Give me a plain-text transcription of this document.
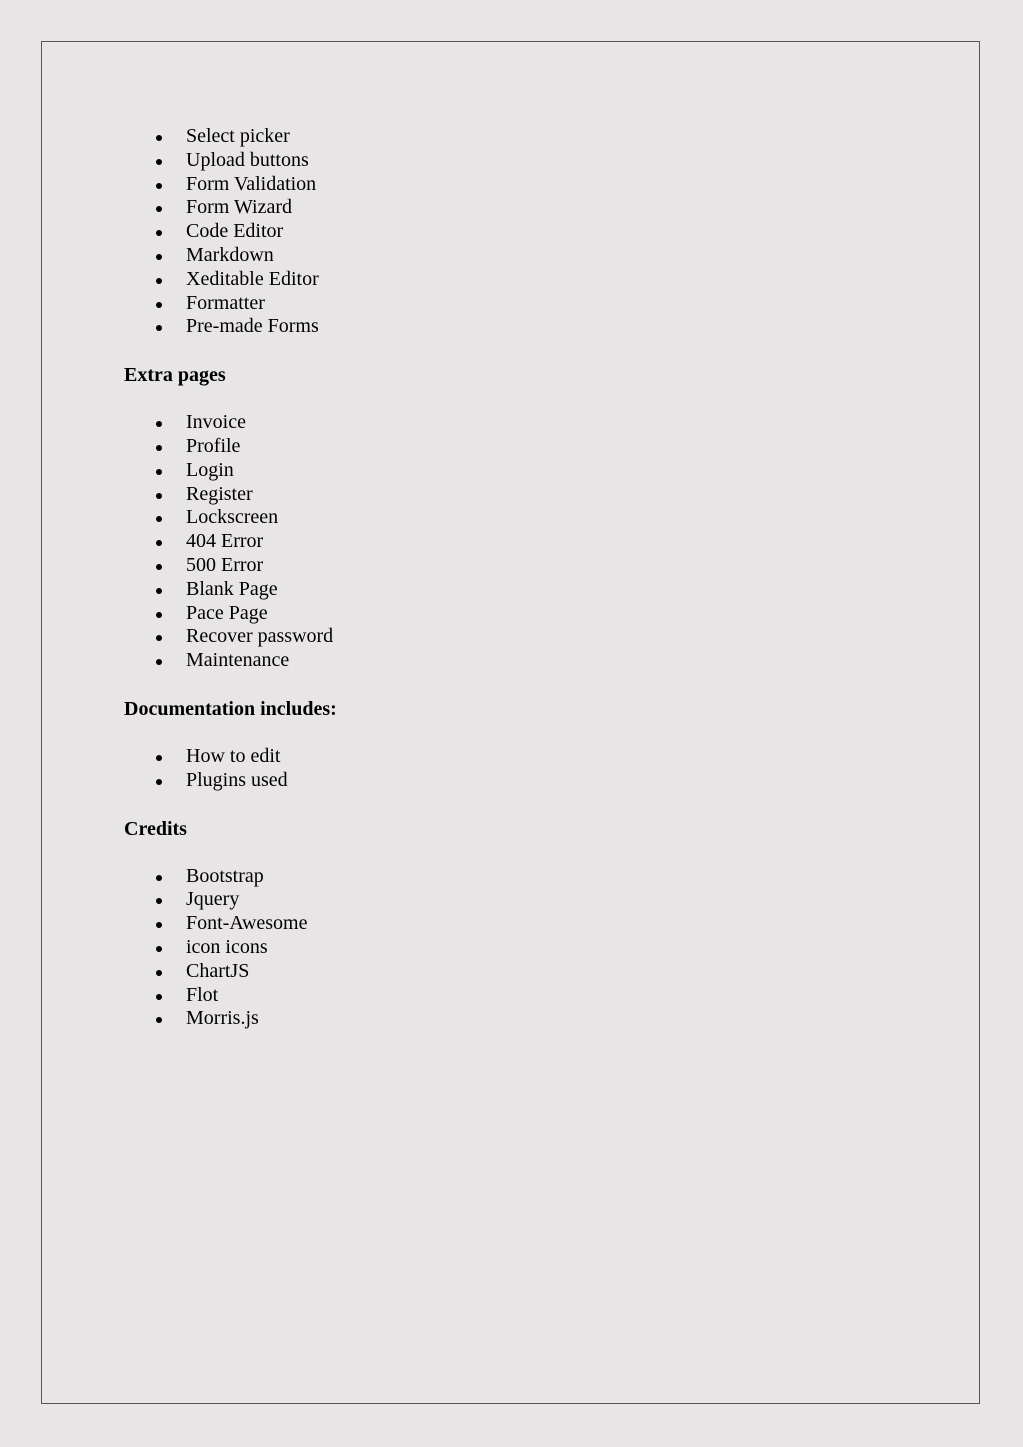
Select picker
Upload buttons
Form Validation
Form Wizard
Code Editor
Markdown
Xeditable Editor
Formatter
Pre-made Forms
Extra pages
Invoice
Profile
Login
Register
Lockscreen
404 Error
500 Error
Blank Page
Pace Page
Recover password
Maintenance
Documentation includes:
How to edit
Plugins used
Credits
Bootstrap
Jquery
Font-Awesome
icon icons
ChartJS
Flot
Morris.js
